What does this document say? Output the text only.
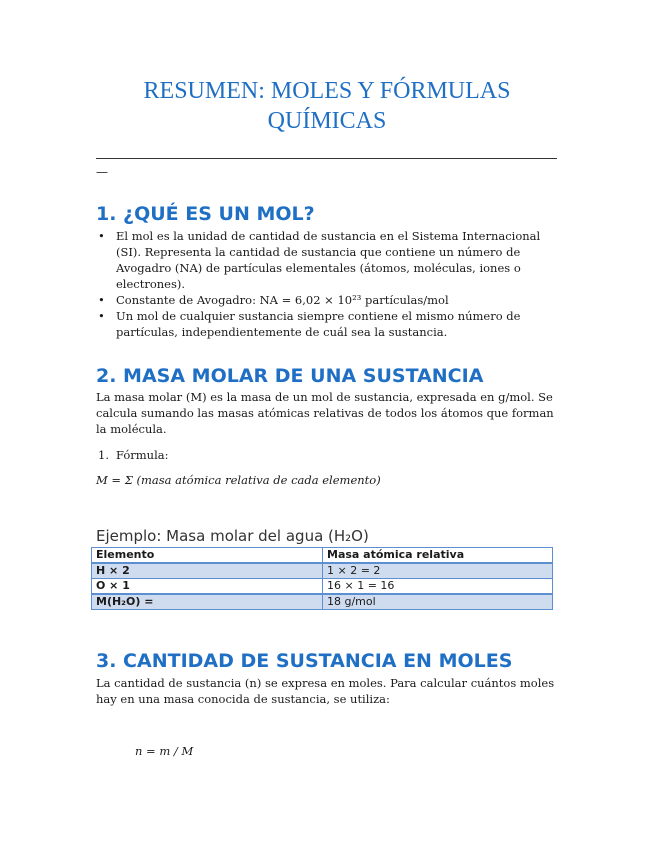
RESUMEN: MOLES Y FÓRMULAS QUÍMICAS
—
1. ¿QUÉ ES UN MOL?
• El mol es la unidad de cantidad de sustancia en el Sistema Internacional (SI). Representa la cantidad de sustancia que contiene un número de Avogadro (NA) de partículas elementales (átomos, moléculas, iones o electrones).
• Constante de Avogadro: NA = 6,02 × 10²³ partículas/mol
• Un mol de cualquier sustancia siempre contiene el mismo número de partículas, independientemente de cuál sea la sustancia.
2. MASA MOLAR DE UNA SUSTANCIA

La masa molar (M) es la masa de un mol de sustancia, expresada en g/mol. Se calcula sumando las masas atómicas relativas de todos los átomos que forman la molécula.

1. Fórmula:

M = Σ (masa atómica relativa de cada elemento)

Ejemplo: Masa molar del agua (H₂O)
Elemento	Masa atómica relativa
H × 2	1 × 2 = 2
O × 1	16 × 1 = 16
M(H₂O) =	18 g/mol
3. CANTIDAD DE SUSTANCIA EN MOLES

La cantidad de sustancia (n) se expresa en moles. Para calcular cuántos moles hay en una masa conocida de sustancia, se utiliza:

n = m / M
